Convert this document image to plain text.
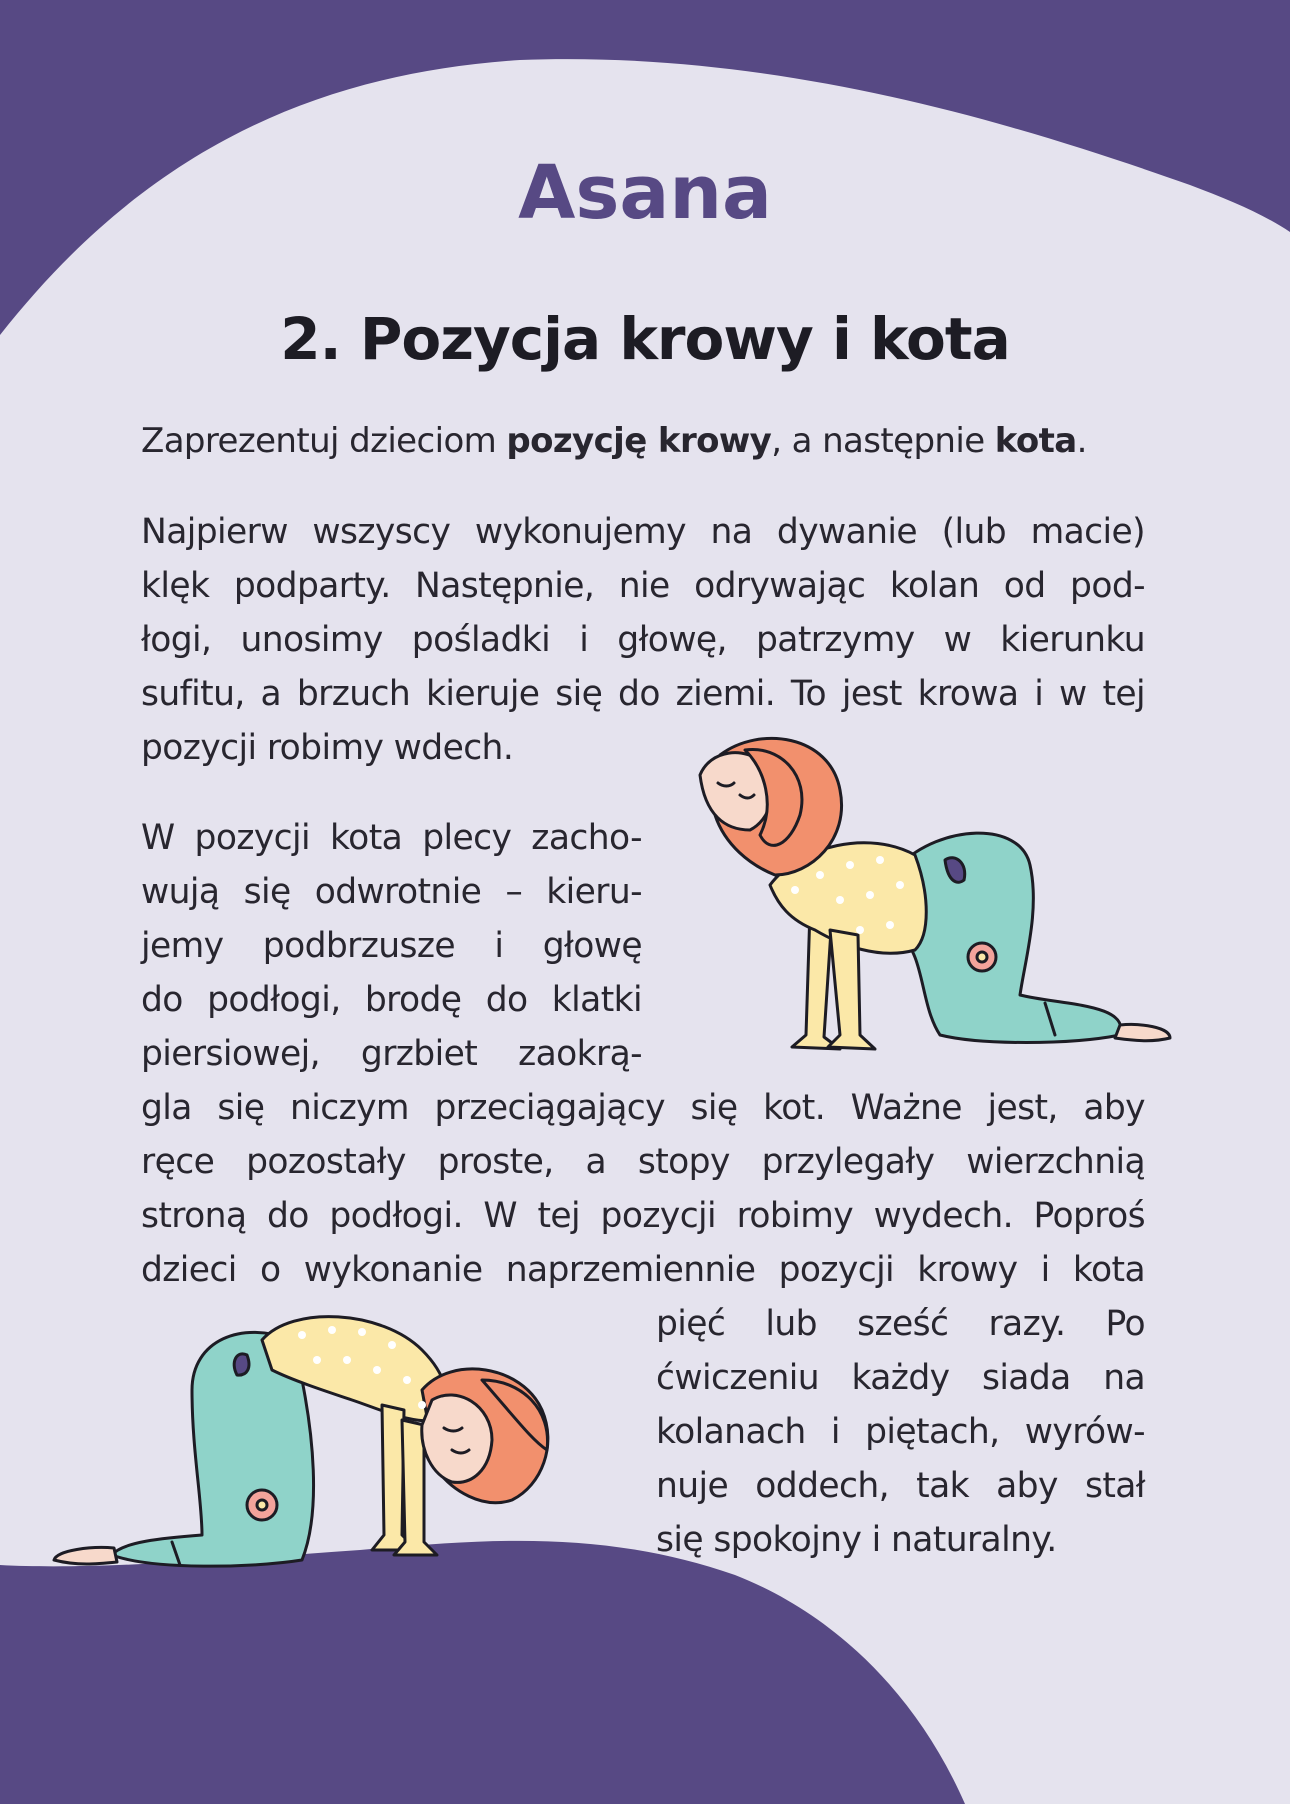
Asana
2. Pozycja krowy i kota

Zaprezentuj dzieciom pozycję krowy, a następnie kota.

Najpierw wszyscy wykonujemy na dywanie (lub macie)
klęk podparty. Następnie, nie odrywając kolan od pod-
łogi, unosimy pośladki i głowę, patrzymy w kierunku
sufitu, a brzuch kieruje się do ziemi. To jest krowa i w tej
pozycji robimy wdech.
W pozycji kota plecy zacho-
wują się odwrotnie – kieru-
jemy podbrzusze i głowę
do podłogi, brodę do klatki
piersiowej, grzbiet zaokrą-
gla się niczym przeciągający się kot. Ważne jest, aby
ręce pozostały proste, a stopy przylegały wierzchnią
stroną do podłogi. W tej pozycji robimy wydech. Poproś
dzieci o wykonanie naprzemiennie pozycji krowy i kota
pięć lub sześć razy. Po
ćwiczeniu każdy siada na
kolanach i piętach, wyrów-
nuje oddech, tak aby stał
się spokojny i naturalny.
